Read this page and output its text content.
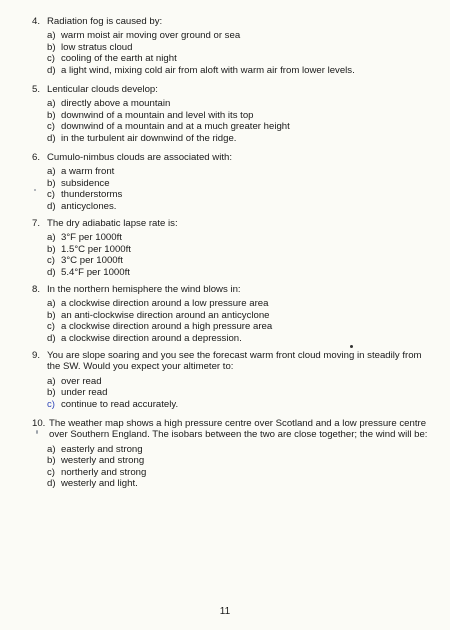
4. Radiation fog is caused by:
a) warm moist air moving over ground or sea
b) low stratus cloud
c) cooling of the earth at night
d) a light wind, mixing cold air from aloft with warm air from lower levels.
5. Lenticular clouds develop:
a) directly above a mountain
b) downwind of a mountain and level with its top
c) downwind of a mountain and at a much greater height
d) in the turbulent air downwind of the ridge.
6. Cumulo-nimbus clouds are associated with:
a) a warm front
b) subsidence
c) thunderstorms
d) anticyclones.
7. The dry adiabatic lapse rate is:
a) 3°F per 1000ft
b) 1.5°C per 1000ft
c) 3°C per 1000ft
d) 5.4°F per 1000ft
8. In the northern hemisphere the wind blows in:
a) a clockwise direction around a low pressure area
b) an anti-clockwise direction around an anticyclone
c) a clockwise direction around a high pressure area
d) a clockwise direction around a depression.
9. You are slope soaring and you see the forecast warm front cloud moving in steadily from the SW. Would you expect your altimeter to:
a) over read
b) under read
c) continue to read accurately.
10. The weather map shows a high pressure centre over Scotland and a low pressure centre over Southern England. The isobars between the two are close together; the wind will be:
a) easterly and strong
b) westerly and strong
c) northerly and strong
d) westerly and light.
11
